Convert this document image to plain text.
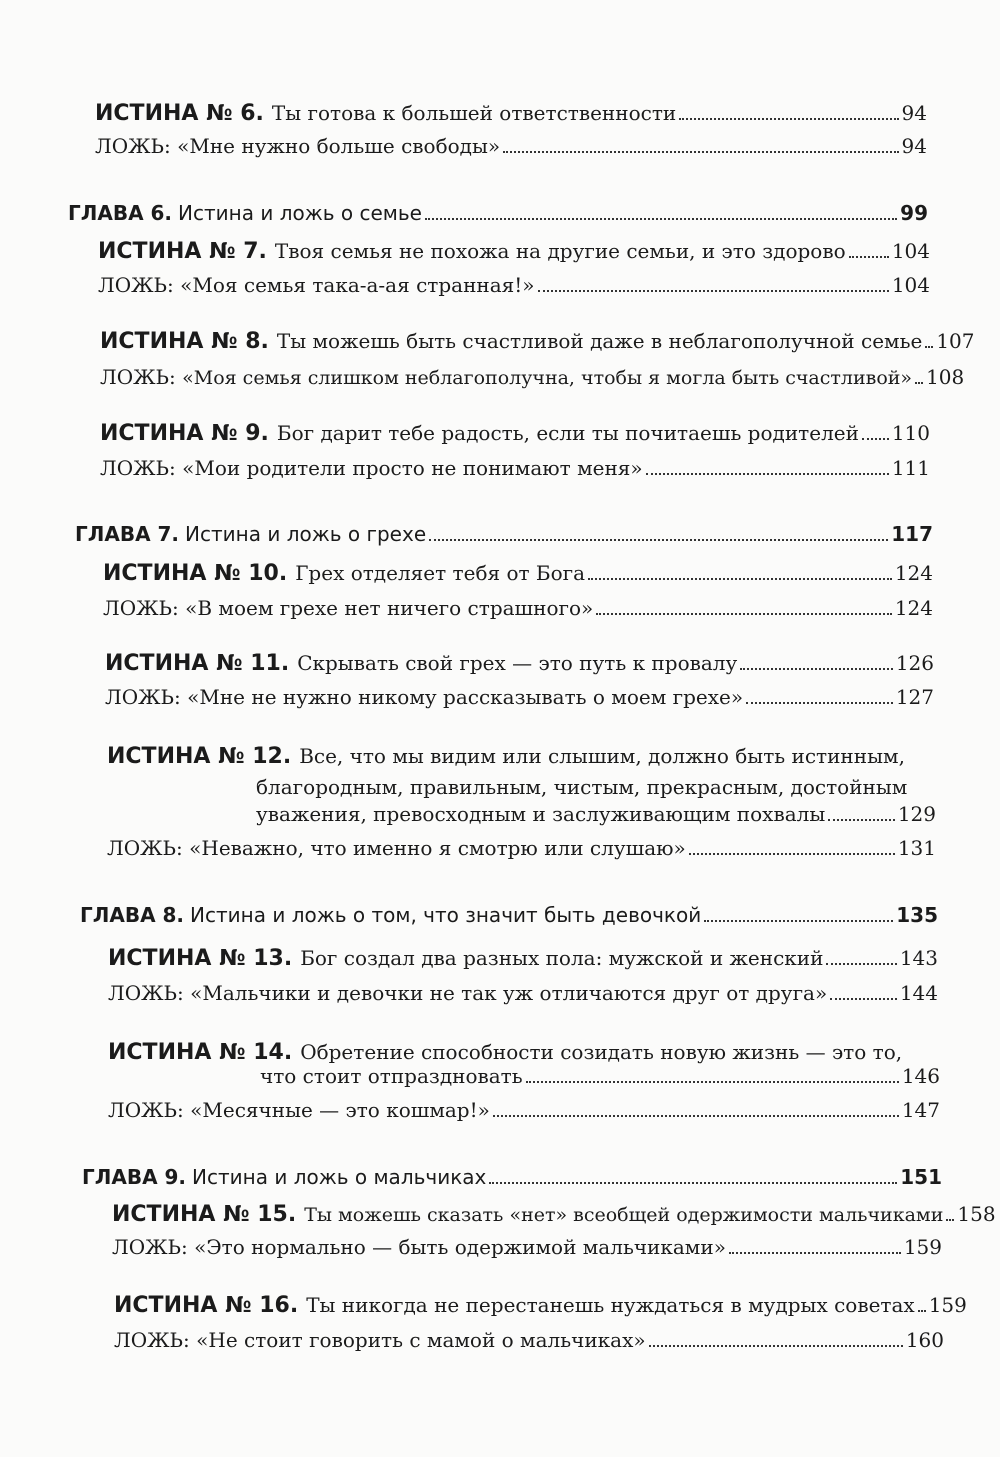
ИСТИНА № 6. Ты готова к большей ответственности	94
ЛОЖЬ:
«Мне нужно больше свободы»	94
ГЛАВА 6. Истина и ложь о семье	99
ИСТИНА № 7. Твоя семья не похожа на другие семьи, и это здорово 104
ЛОЖЬ:
«Моя семья така-а-ая странная!»	104
ИСТИНА № 8. Ты можешь быть счастливой даже в неблагополучной семье 107
ЛОЖЬ:
«Моя семья слишком неблагополучна, чтобы я могла быть счастливой» 108
ИСТИНА № 9. Бог дарит тебе радость, если ты почитаешь родителей 110
ЛОЖЬ:
«Мои родители просто не понимают меня»	111
ГЛАВА 7. Истина и ложь о грехе	117
ИСТИНА № 10. Грех отделяет тебя от Бога	124
ЛОЖЬ:
«В моем грехе нет ничего страшного»	124
ИСТИНА № 11. Скрывать свой грех — это путь к провалу	126
ЛОЖЬ:
«Мне не нужно никому рассказывать о моем грехе»	127
ИСТИНА № 12. Все, что мы видим или слышим, должно быть истинным,
благородным, правильным, чистым, прекрасным, достойным
уважения, превосходным и заслуживающим похвалы	129
ЛОЖЬ:
«Неважно, что именно я смотрю или слушаю»	131
ГЛАВА 8. Истина и ложь о том, что значит быть девочкой	135
ИСТИНА № 13. Бог создал два разных пола: мужской и женский	143
ЛОЖЬ:
«Мальчики и девочки не так уж отличаются друг от друга»	144
ИСТИНА № 14. Обретение способности созидать новую жизнь — это то,
что стоит отпраздновать	146
ЛОЖЬ:
«Месячные — это кошмар!»	147
ГЛАВА 9. Истина и ложь о мальчиках	151
ИСТИНА № 15. Ты можешь сказать «нет» всеобщей одержимости мальчиками 158
ЛОЖЬ:
«Это нормально — быть одержимой мальчиками»	159
ИСТИНА № 16. Ты никогда не перестанешь нуждаться в мудрых советах 159
ЛОЖЬ:
«Не стоит говорить с мамой о мальчиках»	160
